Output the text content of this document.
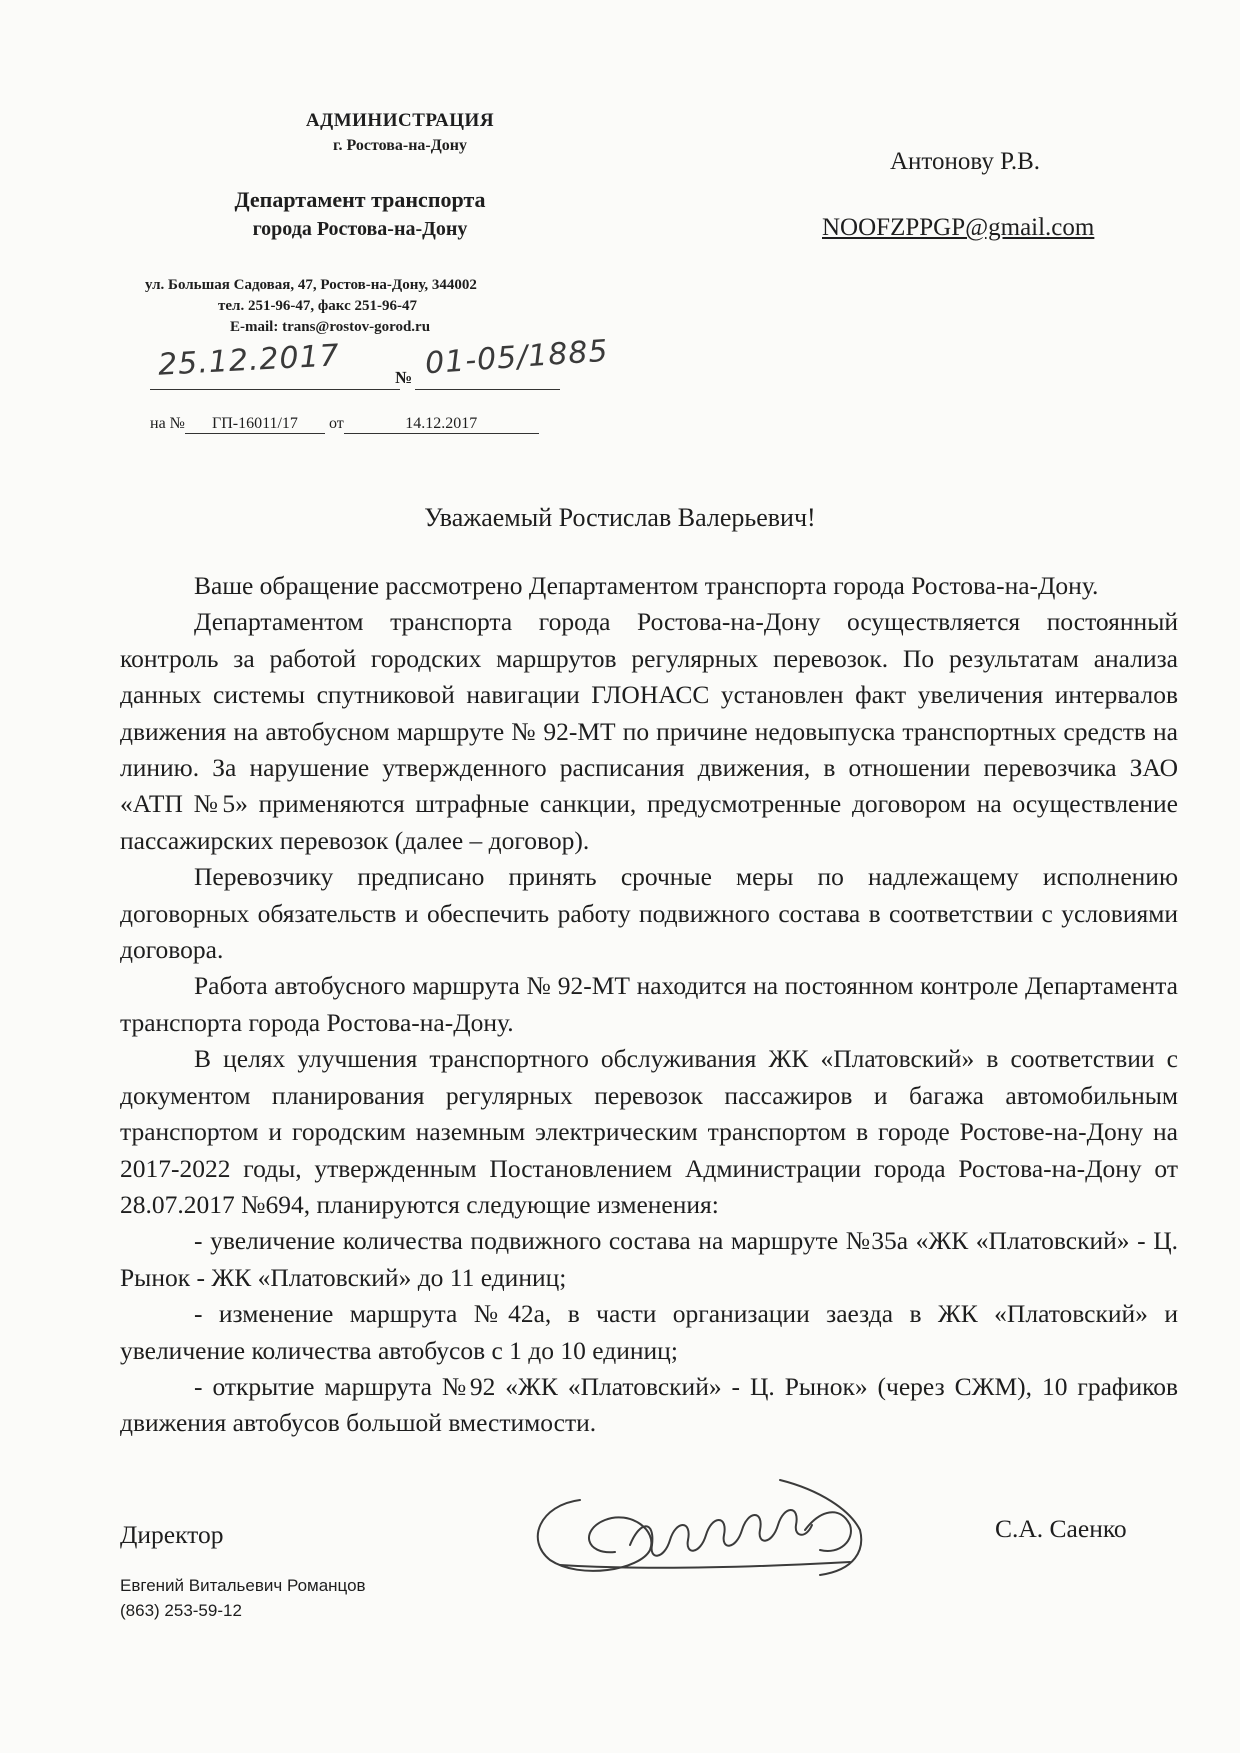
АДМИНИСТРАЦИЯ
г. Ростова-на-Дону
Департамент транспорта
города Ростова-на-Дону
ул. Большая Садовая, 47, Ростов-на-Дону, 344002
тел. 251-96-47, факс 251-96-47
E-mail: trans@rostov-gorod.ru
25.12.2017	№ 01-05/1885
на № ГП-16011/17 от	14.12.2017
Антонову Р.В.
NOOFZPPGP@gmail.com
Уважаемый Ростислав Валерьевич!

Ваше обращение рассмотрено Департаментом транспорта города Ростова-на-Дону.

Департаментом транспорта города Ростова-на-Дону осуществляется постоянный контроль за работой городских маршрутов регулярных перевозок. По результатам анализа данных системы спутниковой навигации ГЛОНАСС установлен факт увеличения интервалов движения на автобусном маршруте № 92-МТ по причине недовыпуска транспортных средств на линию. За нарушение утвержденного расписания движения, в отношении перевозчика ЗАО «АТП №5» применяются штрафные санкции, предусмотренные договором на осуществление пассажирских перевозок (далее – договор).

Перевозчику предписано принять срочные меры по надлежащему исполнению договорных обязательств и обеспечить работу подвижного состава в соответствии с условиями договора.

Работа автобусного маршрута № 92-МТ находится на постоянном контроле Департамента транспорта города Ростова-на-Дону.

В целях улучшения транспортного обслуживания ЖК «Платовский» в соответствии с документом планирования регулярных перевозок пассажиров и багажа автомобильным транспортом и городским наземным электрическим транспортом в городе Ростове-на-Дону на 2017-2022 годы, утвержденным Постановлением Администрации города Ростова-на-Дону от 28.07.2017 №694, планируются следующие изменения:

- увеличение количества подвижного состава на маршруте №35а «ЖК «Платовский» - Ц. Рынок - ЖК «Платовский» до 11 единиц;

- изменение маршрута №42а, в части организации заезда в ЖК «Платовский» и увеличение количества автобусов с 1 до 10 единиц;

- открытие маршрута №92 «ЖК «Платовский» - Ц. Рынок» (через СЖМ), 10 графиков движения автобусов большой вместимости.

Директор	С.А. Саенко
Евгений Витальевич Романцов
(863) 253-59-12
